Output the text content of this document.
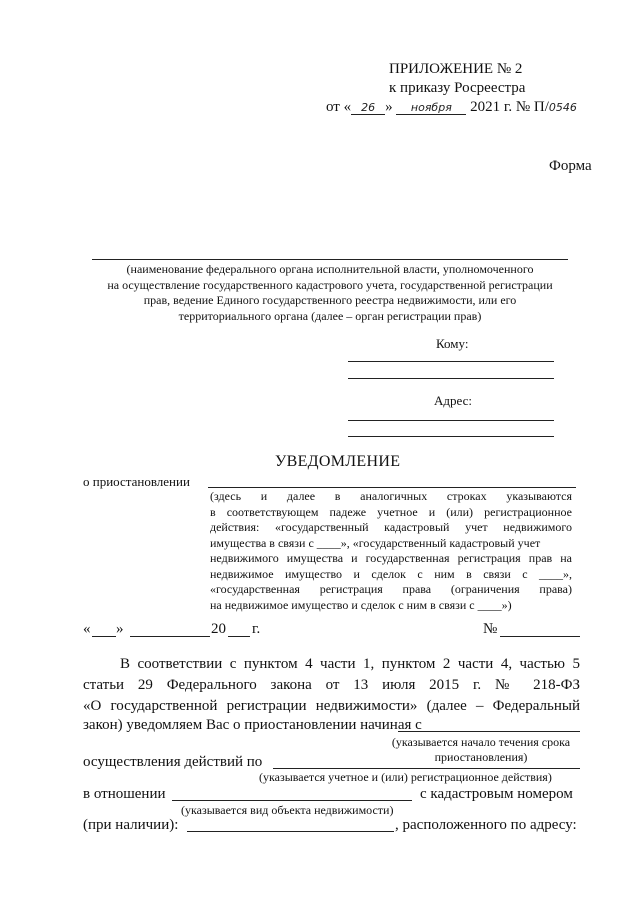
ПРИЛОЖЕНИЕ № 2
к приказу Росреестра
от « 26 » ноября 2021 г. № П/0546
Форма
(наименование федерального органа исполнительной власти, уполномоченного
на осуществление государственного кадастрового учета, государственной регистрации
прав, ведение Единого государственного реестра недвижимости, или его
территориального органа (далее – орган регистрации прав)
Кому:
Адрес:
УВЕДОМЛЕНИЕ
о приостановлении
(здесь и далее в аналогичных строках указываются
в соответствующем падеже учетное и (или) регистрационное
действия: «государственный кадастровый учет недвижимого
имущества в связи с ____», «государственный кадастровый учет
недвижимого имущества и государственная регистрация прав на
недвижимое имущество и сделок с ним в связи с ____»,
«государственная регистрация права (ограничения права)
на недвижимое имущество и сделок с ним в связи с ____»)
« »	20 г.	№
В соответствии с пунктом 4 части 1, пунктом 2 части 4, частью 5
статьи 29 Федерального закона от 13 июля 2015 г. № 218-ФЗ
«О государственной регистрации недвижимости» (далее – Федеральный
закон) уведомляем Вас о приостановлении начиная с
(указывается начало течения срока
приостановления)
осуществления действий по
(указывается учетное и (или) регистрационное действия)
в отношении	с кадастровым номером
(указывается вид объекта недвижимости)
(при наличии):	, расположенного по адресу:
